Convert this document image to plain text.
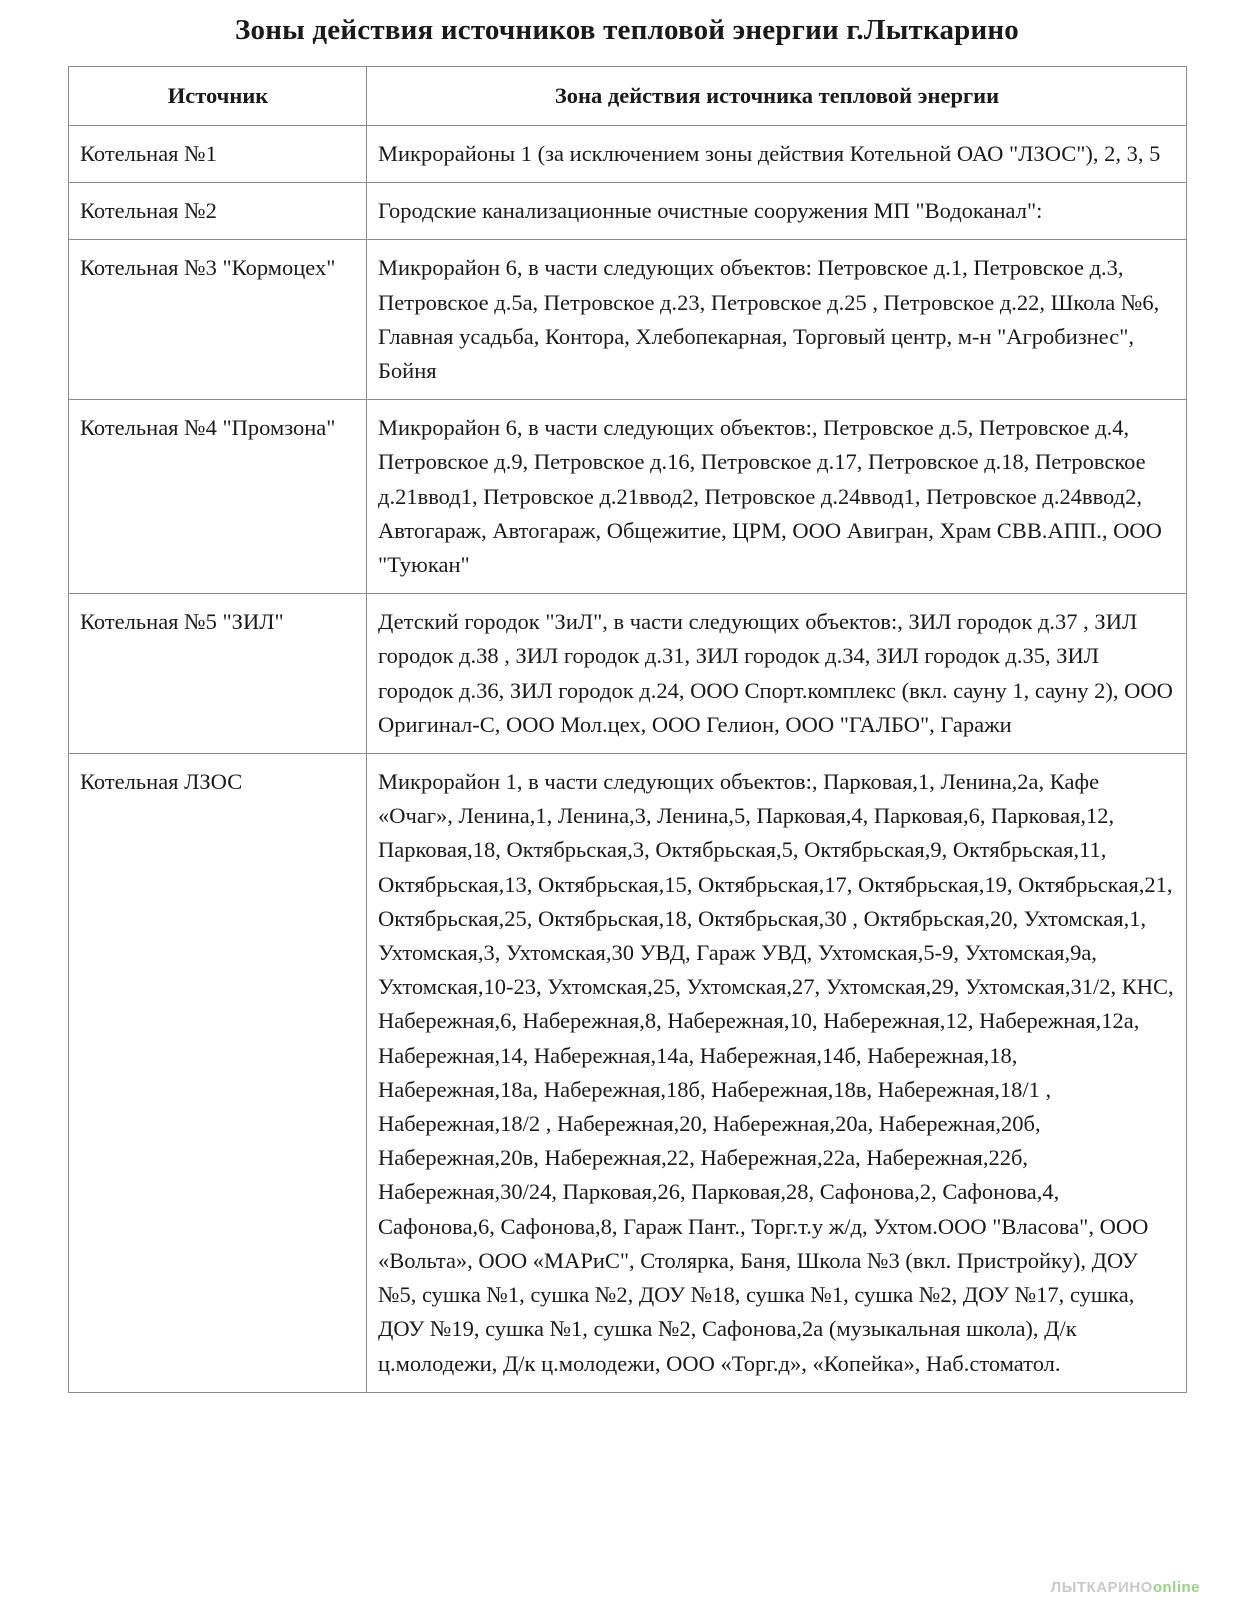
Зоны действия источников тепловой энергии г.Лыткарино
Источник	Зона действия источника тепловой энергии
Котельная №1	Микрорайоны 1 (за исключением зоны действия Котельной ОАО "ЛЗОС"), 2, 3, 5
Котельная №2	Городские канализационные очистные сооружения МП "Водоканал":
Котельная №3 "Кормоцех"	Микрорайон 6, в части следующих объектов: Петровское д.1, Петровское д.3, Петровское д.5а, Петровское д.23, Петровское д.25 , Петровское д.22, Школа №6, Главная усадьба, Контора, Хлебопекарная, Торговый центр, м-н "Агробизнес", Бойня
Котельная №4 "Промзона"	Микрорайон 6, в части следующих объектов:, Петровское д.5, Петровское д.4, Петровское д.9, Петровское д.16, Петровское д.17, Петровское д.18, Петровское д.21ввод1, Петровское д.21ввод2, Петровское д.24ввод1, Петровское д.24ввод2, Автогараж, Автогараж, Общежитие, ЦРМ, ООО Авигран, Храм СВВ.АПП., ООО "Туюкан"
Котельная №5 "ЗИЛ"	Детский городок "ЗиЛ", в части следующих объектов:, ЗИЛ городок д.37 , ЗИЛ городок д.38 , ЗИЛ городок д.31, ЗИЛ городок д.34, ЗИЛ городок д.35, ЗИЛ городок д.36, ЗИЛ городок д.24, ООО Спорт.комплекс (вкл. сауну 1, сауну 2), ООО Оригинал-С, ООО Мол.цех, ООО Гелион, ООО "ГАЛБО", Гаражи
Котельная ЛЗОС	Микрорайон 1, в части следующих объектов:, Парковая,1, Ленина,2а, Кафе «Очаг», Ленина,1, Ленина,3, Ленина,5, Парковая,4, Парковая,6, Парковая,12, Парковая,18, Октябрьская,3, Октябрьская,5, Октябрьская,9, Октябрьская,11, Октябрьская,13, Октябрьская,15, Октябрьская,17, Октябрьская,19, Октябрьская,21, Октябрьская,25, Октябрьская,18, Октябрьская,30 , Октябрьская,20, Ухтомская,1, Ухтомская,3, Ухтомская,30 УВД, Гараж УВД, Ухтомская,5-9, Ухтомская,9а, Ухтомская,10-23, Ухтомская,25, Ухтомская,27, Ухтомская,29, Ухтомская,31/2, КНС, Набережная,6, Набережная,8, Набережная,10, Набережная,12, Набережная,12а, Набережная,14, Набережная,14а, Набережная,14б, Набережная,18, Набережная,18а, Набережная,18б, Набережная,18в, Набережная,18/1 , Набережная,18/2 , Набережная,20, Набережная,20а, Набережная,20б, Набережная,20в, Набережная,22, Набережная,22а, Набережная,22б, Набережная,30/24, Парковая,26, Парковая,28, Сафонова,2, Сафонова,4, Сафонова,6, Сафонова,8, Гараж Пант., Торг.т.у ж/д, Ухтом.ООО "Власова", ООО «Вольта», ООО «МАРиС", Столярка, Баня, Школа №3 (вкл. Пристройку), ДОУ №5, сушка №1, сушка №2, ДОУ №18, сушка №1, сушка №2, ДОУ №17, сушка, ДОУ №19, сушка №1, сушка №2, Сафонова,2а (музыкальная школа), Д/к ц.молодежи, Д/к ц.молодежи, ООО «Торг.д», «Копейка», Наб.стоматол.
ЛЫТКАРИНОonline
